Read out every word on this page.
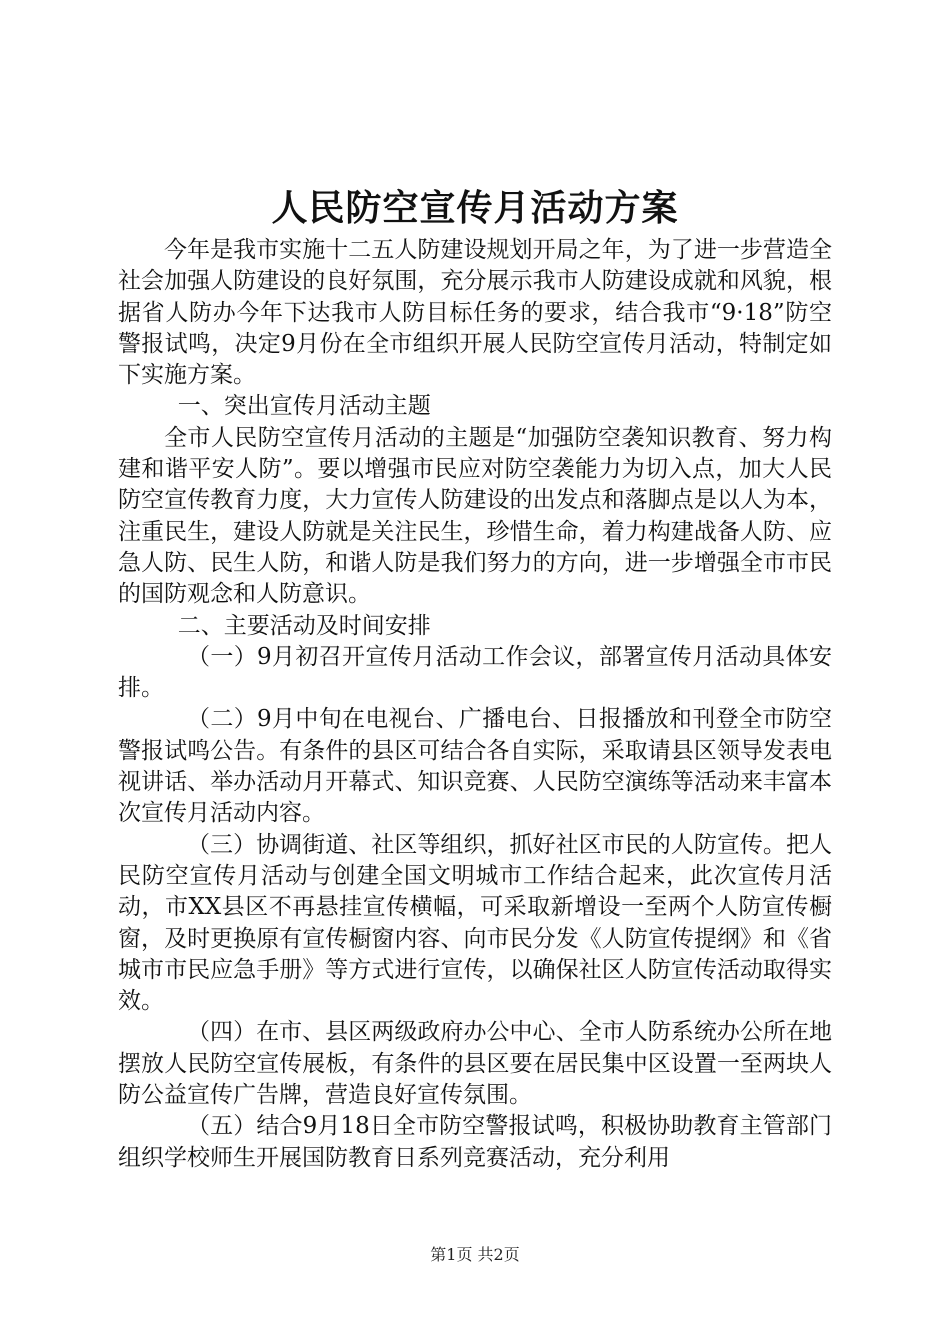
人民防空宣传月活动方案

今年是我市实施十二五人防建设规划开局之年，为了进一步营造全社会加强人防建设的良好氛围，充分展示我市人防建设成就和风貌，根据省人防办今年下达我市人防目标任务的要求，结合我市“9·18”防空警报试鸣，决定9月份在全市组织开展人民防空宣传月活动，特制定如下实施方案。

一、突出宣传月活动主题

全市人民防空宣传月活动的主题是“加强防空袭知识教育、努力构建和谐平安人防”。要以增强市民应对防空袭能力为切入点，加大人民防空宣传教育力度，大力宣传人防建设的出发点和落脚点是以人为本，注重民生，建设人防就是关注民生，珍惜生命，着力构建战备人防、应急人防、民生人防，和谐人防是我们努力的方向，进一步增强全市市民的国防观念和人防意识。

二、主要活动及时间安排

（一）9月初召开宣传月活动工作会议，部署宣传月活动具体安排。

（二）9月中旬在电视台、广播电台、日报播放和刊登全市防空警报试鸣公告。有条件的县区可结合各自实际，采取请县区领导发表电视讲话、举办活动月开幕式、知识竞赛、人民防空演练等活动来丰富本次宣传月活动内容。

（三）协调街道、社区等组织，抓好社区市民的人防宣传。把人民防空宣传月活动与创建全国文明城市工作结合起来，此次宣传月活动，市XX县区不再悬挂宣传横幅，可采取新增设一至两个人防宣传橱窗，及时更换原有宣传橱窗内容、向市民分发《人防宣传提纲》和《省城市市民应急手册》等方式进行宣传，以确保社区人防宣传活动取得实效。

（四）在市、县区两级政府办公中心、全市人防系统办公所在地摆放人民防空宣传展板，有条件的县区要在居民集中区设置一至两块人防公益宣传广告牌，营造良好宣传氛围。

（五）结合9月18日全市防空警报试鸣，积极协助教育主管部门组织学校师生开展国防教育日系列竞赛活动，充分利用

第1页 共2页
